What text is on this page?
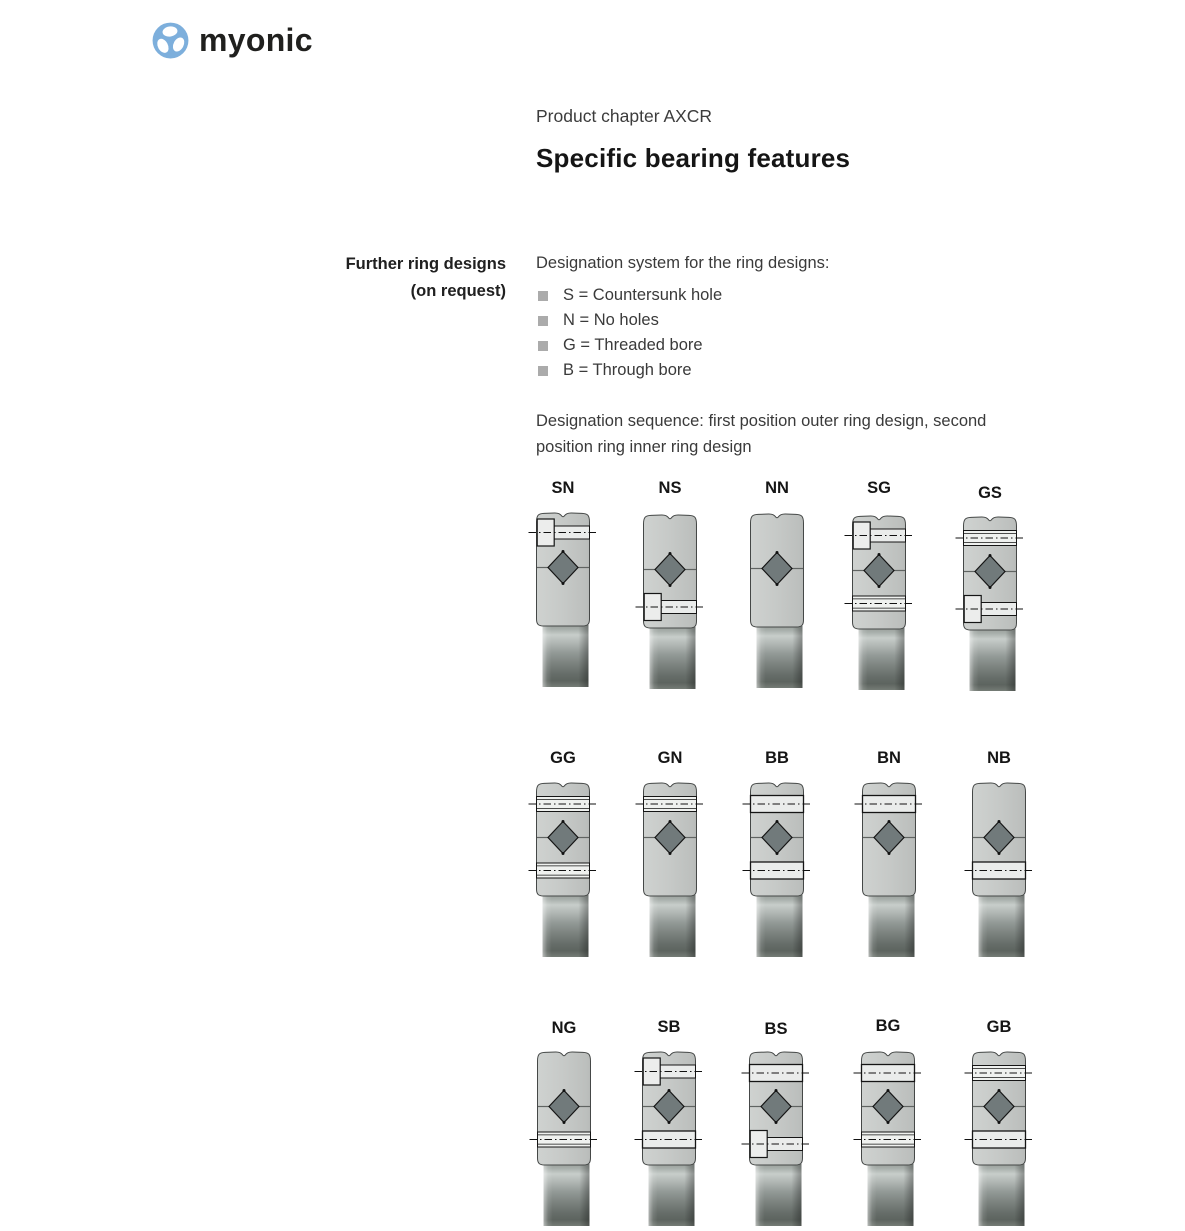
myonic
Product chapter AXCR
Specific bearing features
Further ring designs
(on request)
Designation system for the ring designs:
S = Countersunk hole
N = No holes
G = Threaded bore
B = Through bore
Designation sequence: first position outer ring design, second position ring inner ring design
SN	NS	NN	SG	GS
GG	GN	BB	BN	NB
NG	SB	BS	BG	GB
